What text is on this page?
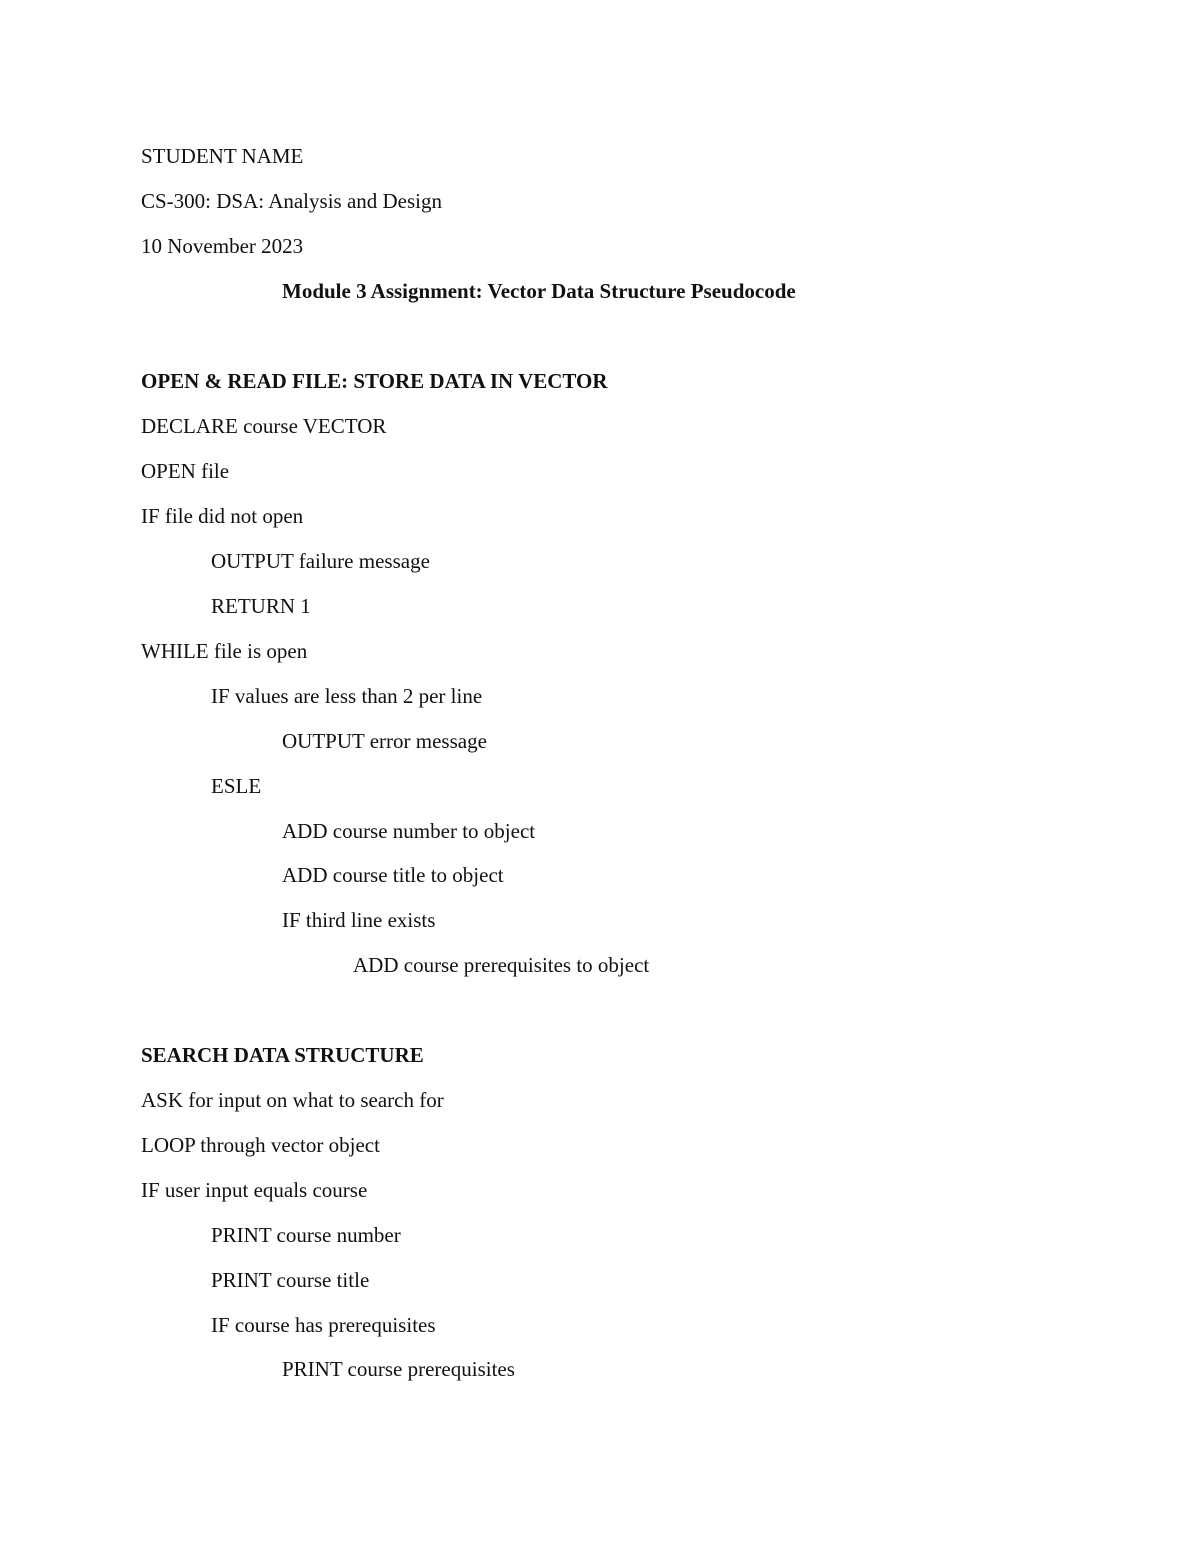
STUDENT NAME
CS-300: DSA: Analysis and Design
10 November 2023
Module 3 Assignment: Vector Data Structure Pseudocode
OPEN & READ FILE: STORE DATA IN VECTOR
DECLARE course VECTOR
OPEN file
IF file did not open
OUTPUT failure message
RETURN 1
WHILE file is open
IF values are less than 2 per line
OUTPUT error message
ESLE
ADD course number to object
ADD course title to object
IF third line exists
ADD course prerequisites to object
SEARCH DATA STRUCTURE
ASK for input on what to search for
LOOP through vector object
IF user input equals course
PRINT course number
PRINT course title
IF course has prerequisites
PRINT course prerequisites
